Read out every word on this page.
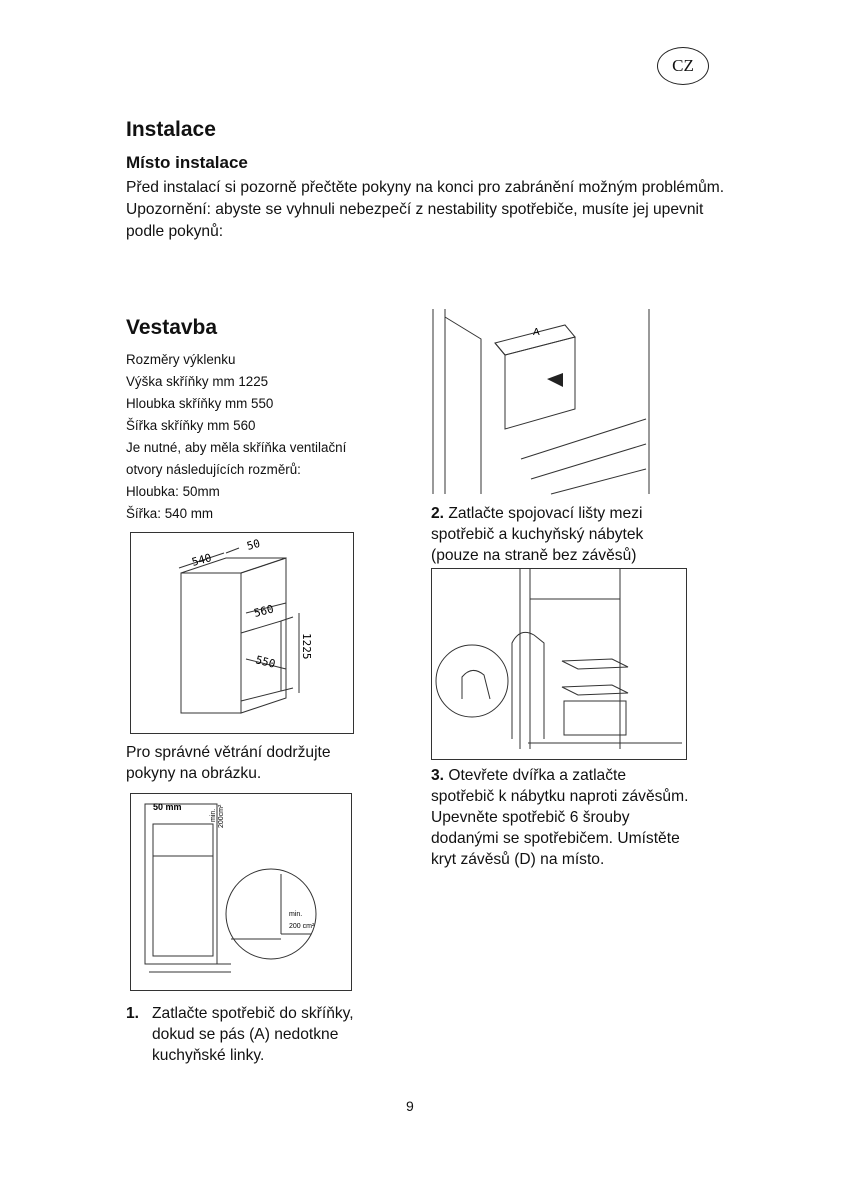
CZ
Instalace
Místo instalace

Před instalací si pozorně přečtěte pokyny na konci pro zabránění možným problémům.

Upozornění: abyste se vyhnuli nebezpečí z nestability spotřebiče, musíte jej upevnit podle pokynů:

Vestavba
Rozměry výklenku
Výška skříňky mm 1225
Hloubka skříňky mm 550
Šířka skříňky mm 560
Je nutné, aby měla skříňka ventilační
otvory následujících rozměrů:
Hloubka: 50mm
Šířka: 540 mm
540
50
560
550
1225
Pro správné větrání dodržujte
pokyny na obrázku.
50 mm
min. 200cm²
min.
200 cm²
A
2. Zatlačte spojovací lišty mezi
spotřebič a kuchyňský nábytek
(pouze na straně bez závěsů)
3. Otevřete dvířka a zatlačte
spotřebič k nábytku naproti závěsům.
Upevněte spotřebič 6 šrouby
dodanými se spotřebičem. Umístěte
kryt závěsů (D) na místo.
1. Zatlačte spotřebič do skříňky,
dokud se pás (A) nedotkne
kuchyňské linky.
9
